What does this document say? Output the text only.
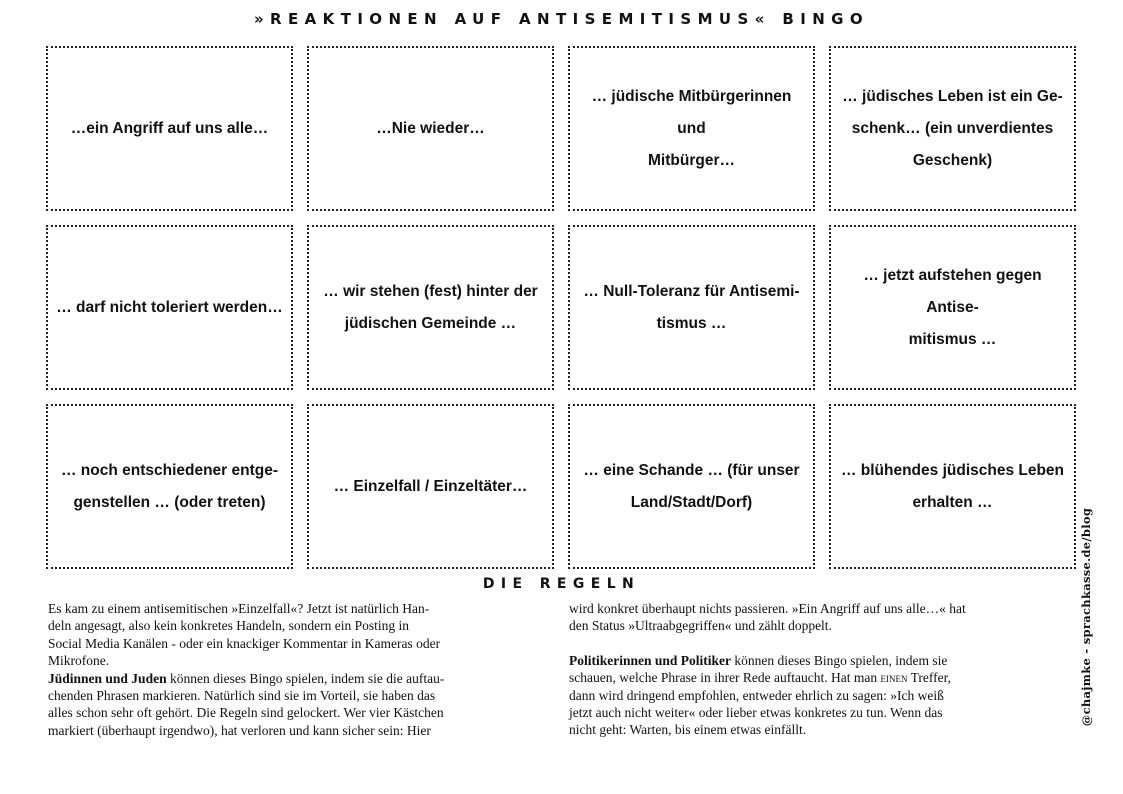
»REAKTIONEN AUF ANTISEMITISMUS« BINGO
…ein Angriff auf uns alle…	…Nie wieder…
… jüdische Mitbürgerinnen und
Mitbürger…
… jüdisches Leben ist ein Ge-
schenk… (ein unverdientes
Geschenk)
… darf nicht toleriert werden…
… wir stehen (fest) hinter der
jüdischen Gemeinde …
… Null-Toleranz für Antisemi-
tismus …
… jetzt aufstehen gegen Antise-
mitismus …
… noch entschiedener entge-
genstellen … (oder treten)
… Einzelfall / Einzeltäter…
… eine Schande … (für unser
Land/Stadt/Dorf)
… blühendes jüdisches Leben
erhalten …
DIE REGELN

Es kam zu einem antisemitischen »Einzelfall«? Jetzt ist natürlich Han-
deln angesagt, also kein konkretes Handeln, sondern ein Posting in
Social Media Kanälen - oder ein knackiger Kommentar in Kameras oder
Mikrofone.

Jüdinnen und Juden können dieses Bingo spielen, indem sie die auftau-
chenden Phrasen markieren. Natürlich sind sie im Vorteil, sie haben das
alles schon sehr oft gehört. Die Regeln sind gelockert. Wer vier Kästchen
markiert (überhaupt irgendwo), hat verloren und kann sicher sein: Hier

wird konkret überhaupt nichts passieren. »Ein Angriff auf uns alle…« hat
den Status »Ultraabgegriffen« und zählt doppelt.

Politikerinnen und Politiker können dieses Bingo spielen, indem sie
schauen, welche Phrase in ihrer Rede auftaucht. Hat man einen Treffer,
dann wird dringend empfohlen, entweder ehrlich zu sagen: »Ich weiß
jetzt auch nicht weiter« oder lieber etwas konkretes zu tun. Wenn das
nicht geht: Warten, bis einem etwas einfällt.

@chajmke - sprachkasse.de/blog
